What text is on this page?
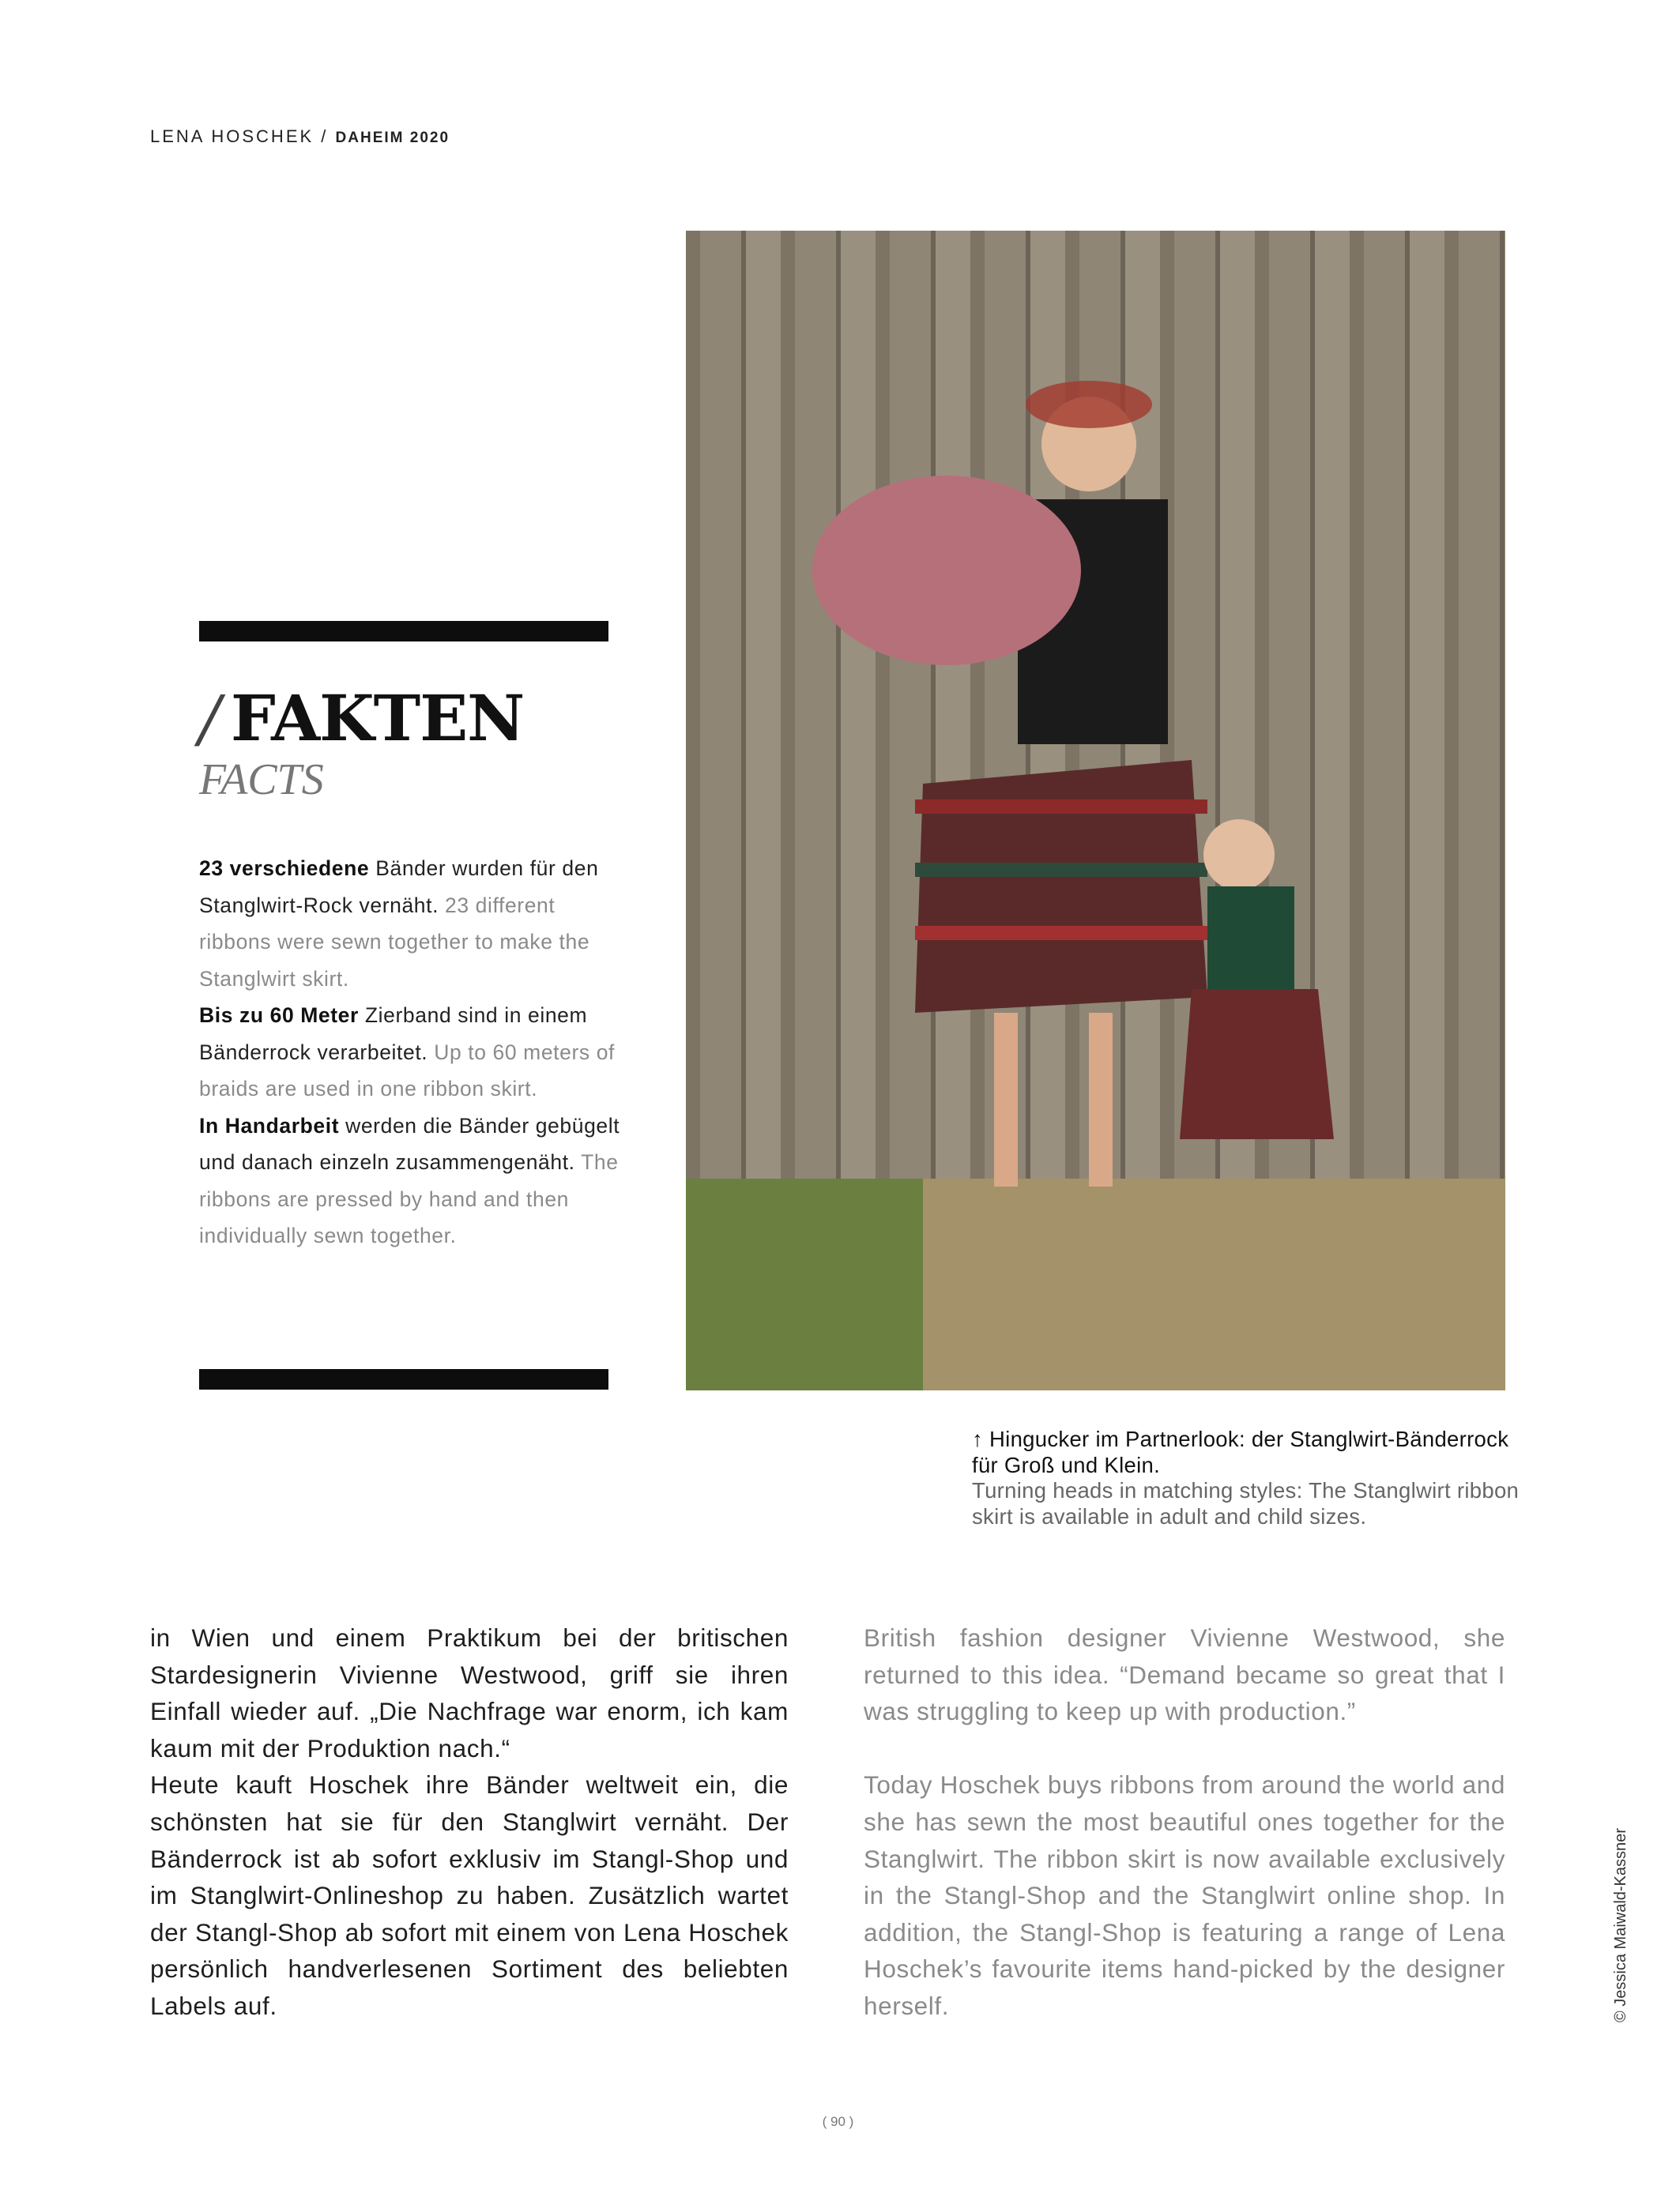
LENA HOSCHEK / DAHEIM 2020
/ FAKTEN
FACTS
23 verschiedene Bänder wurden für den Stanglwirt-Rock vernäht. 23 different ribbons were sewn together to make the Stanglwirt skirt.
Bis zu 60 Meter Zierband sind in einem Bänderrock verarbeitet. Up to 60 meters of braids are used in one ribbon skirt.
In Handarbeit werden die Bänder gebügelt und danach einzeln zusammengenäht. The ribbons are pressed by hand and then individually sewn together.
↑ Hingucker im Partnerlook: der Stanglwirt-Bänderrock für Groß und Klein.
Turning heads in matching styles: The Stanglwirt ribbon skirt is available in adult and child sizes.

in Wien und einem Praktikum bei der britischen Stardesignerin Vivienne Westwood, griff sie ihren Einfall wieder auf. „Die Nachfrage war enorm, ich kam kaum mit der Produktion nach.“

Heute kauft Hoschek ihre Bänder weltweit ein, die schönsten hat sie für den Stanglwirt vernäht. Der Bänderrock ist ab sofort exklusiv im Stangl-Shop und im Stanglwirt-Onlineshop zu haben. Zusätzlich wartet der Stangl-Shop ab sofort mit einem von Lena Hoschek persönlich handverlesenen Sortiment des beliebten Labels auf.

British fashion designer Vivienne Westwood, she returned to this idea. “Demand became so great that I was struggling to keep up with production.”

Today Hoschek buys ribbons from around the world and she has sewn the most beautiful ones together for the Stanglwirt. The ribbon skirt is now available exclusively in the Stangl-Shop and the Stanglwirt online shop. In addition, the Stangl-Shop is featuring a range of Lena Hoschek’s favourite items hand-picked by the designer herself.	© Jessica Maiwald-Kassner
( 90 )
